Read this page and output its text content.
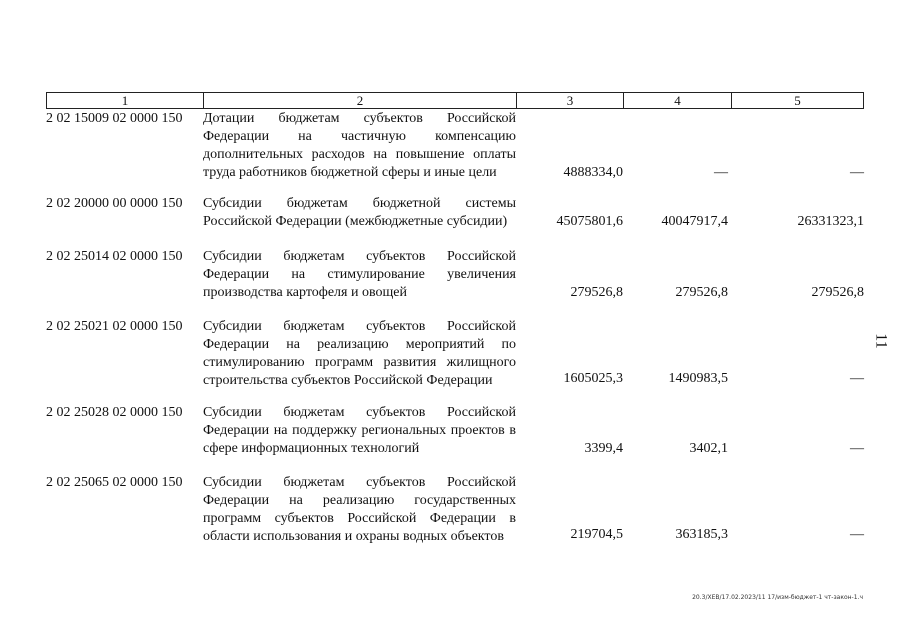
1	2	3	4	5
2 02 15009 02 0000 150 Дотации бюджетам субъектов Российской Федерации на частичную компенсацию дополнительных расходов на повышение оплаты труда работников бюджетной сферы и иные цели	4888334,0	—	—
2 02 20000 00 0000 150 Субсидии бюджетам бюджетной системы Российской Федерации (межбюджетные субсидии)	45075801,6	40047917,4	26331323,1
2 02 25014 02 0000 150 Субсидии бюджетам субъектов Российской Федерации на стимулирование увеличения производства картофеля и овощей	279526,8	279526,8	279526,8
2 02 25021 02 0000 150 Субсидии бюджетам субъектов Российской Федерации на реализацию мероприятий по стимулированию программ развития жилищного строительства субъектов Российской Федерации	1605025,3	1490983,5	—
2 02 25028 02 0000 150 Субсидии бюджетам субъектов Российской Федерации на поддержку региональных проектов в сфере информационных технологий	3399,4	3402,1	—
2 02 25065 02 0000 150 Субсидии бюджетам субъектов Российской Федерации на реализацию государственных программ субъектов Российской Федерации в области использования и охраны водных объектов	219704,5	363185,3	—
11
20.3/ХЕВ/17.02.2023/11 17/изм-бюджет-1 чт-закон-1.ч
